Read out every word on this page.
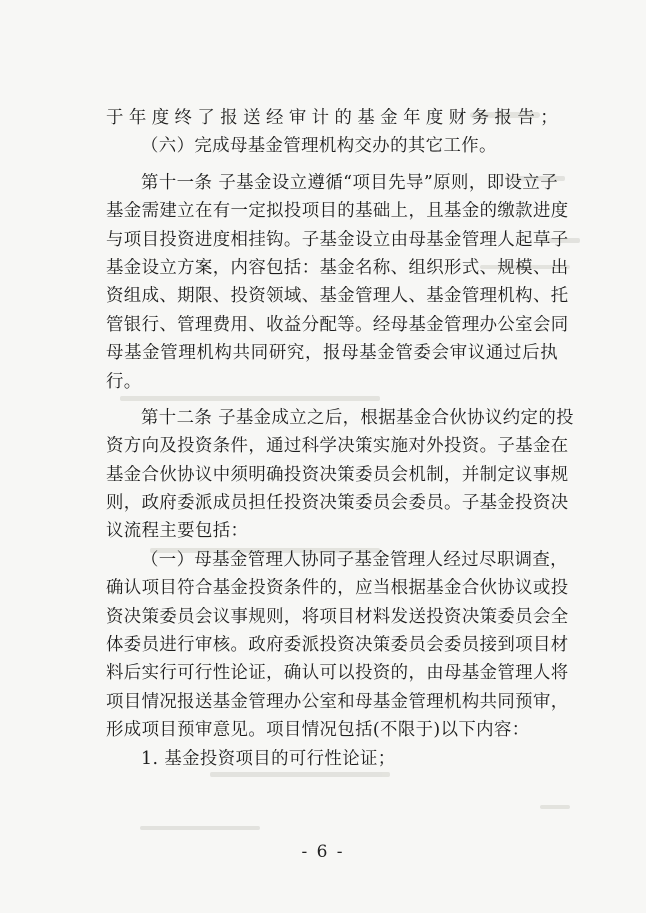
于年度终了报送经审计的基金年度财务报告；
（六）完成母基金管理机构交办的其它工作。
第十一条 子基金设立遵循“项目先导”原则，即设立子
基金需建立在有一定拟投项目的基础上，且基金的缴款进度
与项目投资进度相挂钩。子基金设立由母基金管理人起草子
基金设立方案，内容包括：基金名称、组织形式、规模、出
资组成、期限、投资领域、基金管理人、基金管理机构、托
管银行、管理费用、收益分配等。经母基金管理办公室会同
母基金管理机构共同研究，报母基金管委会审议通过后执
行。
第十二条 子基金成立之后，根据基金合伙协议约定的投
资方向及投资条件，通过科学决策实施对外投资。子基金在
基金合伙协议中须明确投资决策委员会机制，并制定议事规
则，政府委派成员担任投资决策委员会委员。子基金投资决
议流程主要包括：
（一）母基金管理人协同子基金管理人经过尽职调查，
确认项目符合基金投资条件的，应当根据基金合伙协议或投
资决策委员会议事规则，将项目材料发送投资决策委员会全
体委员进行审核。政府委派投资决策委员会委员接到项目材
料后实行可行性论证，确认可以投资的，由母基金管理人将
项目情况报送基金管理办公室和母基金管理机构共同预审，
形成项目预审意见。项目情况包括(不限于)以下内容：
1. 基金投资项目的可行性论证；
- 6 -
